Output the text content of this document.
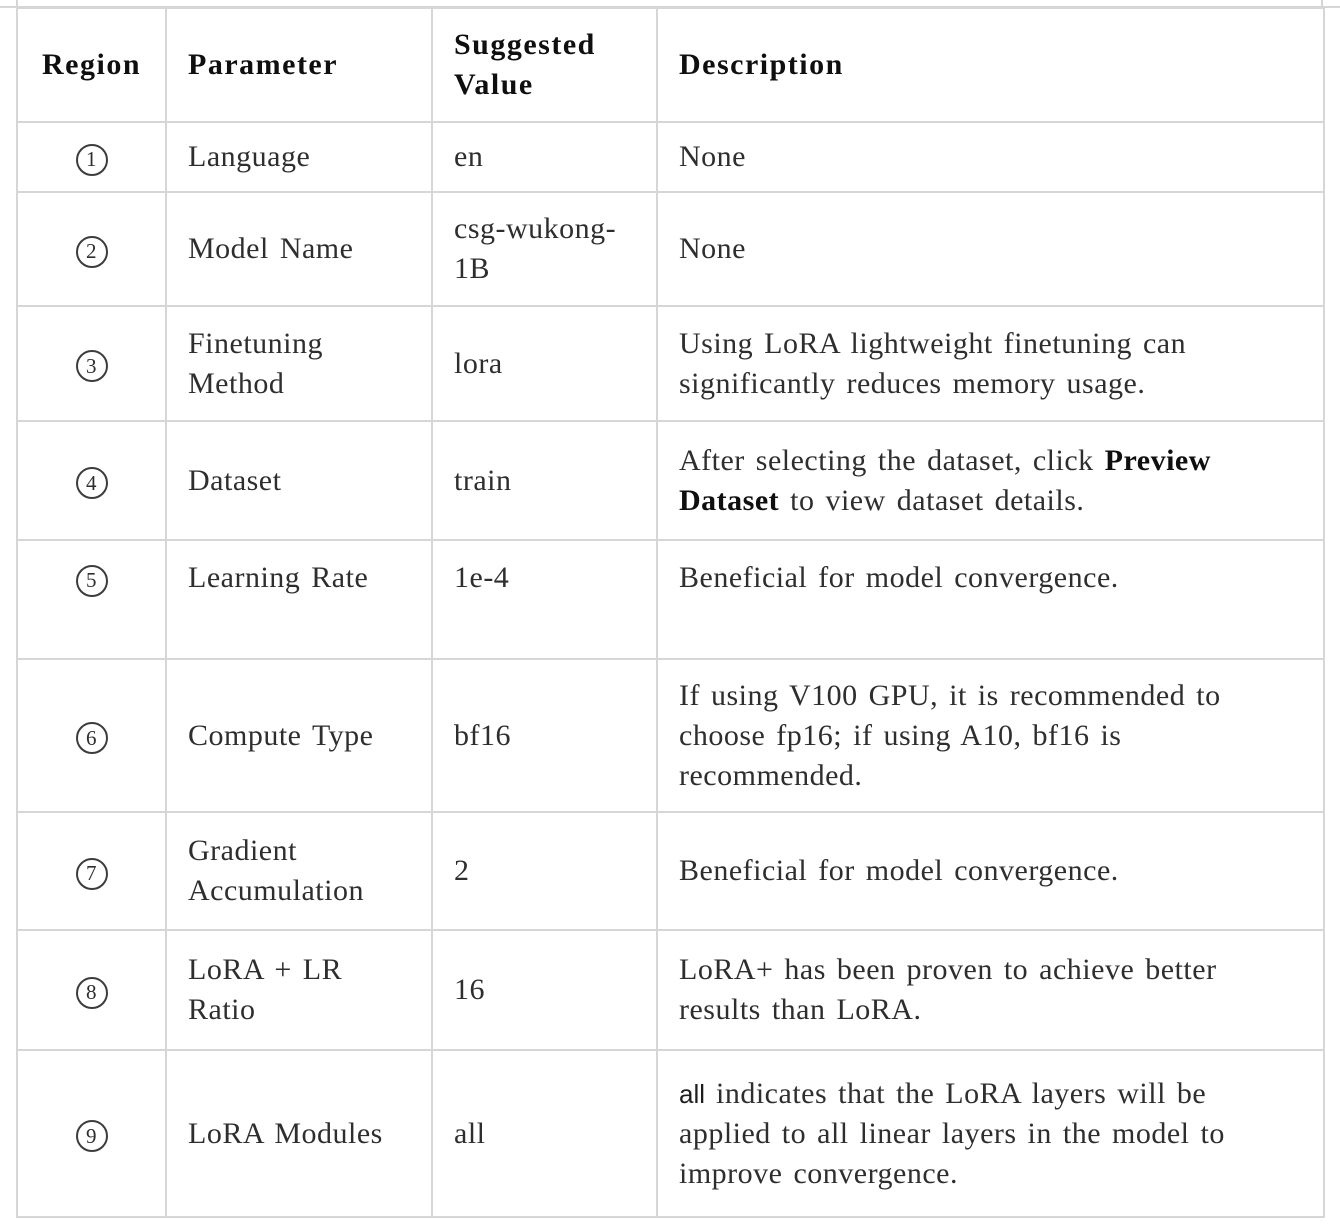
Region	Parameter	Suggested Value	Description
1	Language	en	None
2	Model Name	csg-wukong-1B	None
3	Finetuning Method	lora	Using LoRA lightweight finetuning can significantly reduces memory usage.
4	Dataset	train	After selecting the dataset, click Preview Dataset to view dataset details.
5	Learning Rate	1e-4	Beneficial for model convergence.
6	Compute Type	bf16	If using V100 GPU, it is recommended to choose fp16; if using A10, bf16 is recommended.
7	Gradient Accumulation	2	Beneficial for model convergence.
8	LoRA + LR Ratio	16	LoRA+ has been proven to achieve better results than LoRA.
9	LoRA Modules	all	all indicates that the LoRA layers will be applied to all linear layers in the model to improve convergence.
